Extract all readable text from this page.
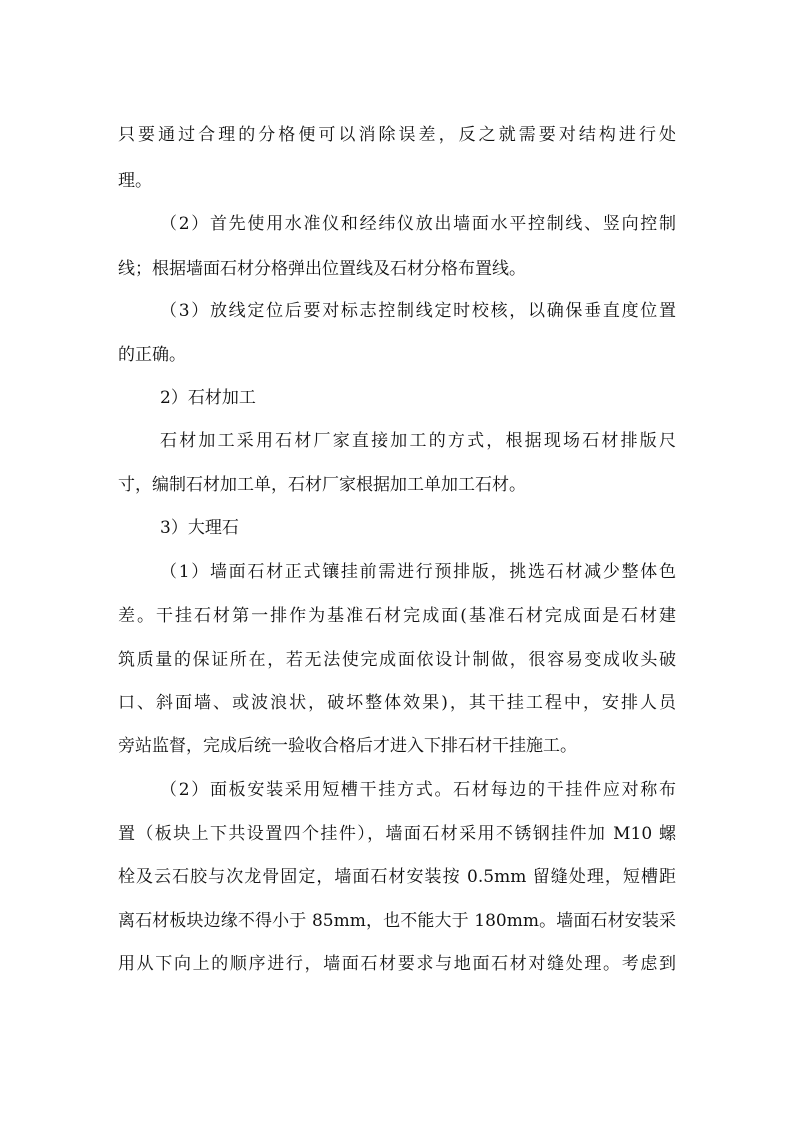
只要通过合理的分格便可以消除误差，反之就需要对结构进行处
理。
（2）首先使用水准仪和经纬仪放出墙面水平控制线、竖向控制
线；根据墙面石材分格弹出位置线及石材分格布置线。
（3）放线定位后要对标志控制线定时校核，以确保垂直度位置
的正确。
2）石材加工
石材加工采用石材厂家直接加工的方式，根据现场石材排版尺
寸，编制石材加工单，石材厂家根据加工单加工石材。
3）大理石
（1）墙面石材正式镶挂前需进行预排版，挑选石材减少整体色
差。干挂石材第一排作为基准石材完成面(基准石材完成面是石材建
筑质量的保证所在，若无法使完成面依设计制做，很容易变成收头破
口、斜面墙、或波浪状，破坏整体效果)，其干挂工程中，安排人员
旁站监督，完成后统一验收合格后才进入下排石材干挂施工。
（2）面板安装采用短槽干挂方式。石材每边的干挂件应对称布
置（板块上下共设置四个挂件），墙面石材采用不锈钢挂件加 M10 螺
栓及云石胶与次龙骨固定，墙面石材安装按 0.5mm 留缝处理，短槽距
离石材板块边缘不得小于 85mm，也不能大于 180mm。墙面石材安装采
用从下向上的顺序进行，墙面石材要求与地面石材对缝处理。考虑到
